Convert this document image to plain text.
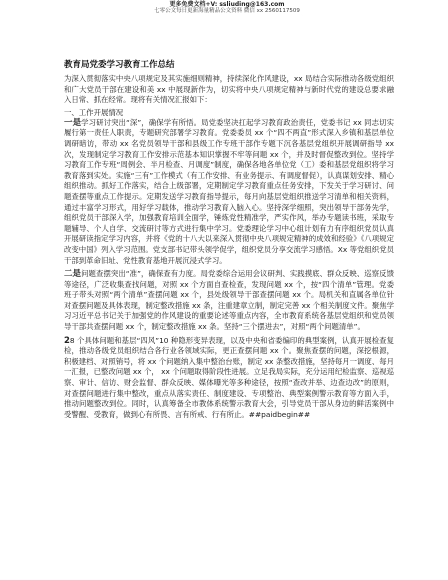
更多免费文档+V: ssliuding@163.com
七零公文每日更新海量精品公文资料 微信 xx 2560117509
教育局党委学习教育工作总结

为深入贯彻落实中央八项规定及其实施细则精神，持续深化作风建设，xx 局结合实际推动各级党组织和广大党员干部在建设和美 xx 中展现新作为，切实将中央八项规定精神与新时代党的建设总要求融入日常、抓在经常。现将有关情况汇报如下：

一、工作开展情况

一是学习研讨突出“深”，确保学有所悟。局党委坚决扛起学习教育政治责任，党委书记 xx 同志切实履行第一责任人职责，专题研究部署学习教育。党委委员 xx 个“四不两直”形式深入乡镇和基层单位调研暗访，带动 xx 名党员领导干部和县级工作专班干部作专题下沉各基层党组织开展调研指导 xx 次，发现制定学习教育工作安排示范基本知识掌握不牢等问题 xx 个，并及时督促整改到位。坚持学习教育工作专班“周例会、半月检查、月调度”制度，确保各地各单位党（工）委和基层党组织将学习教育落到实处。实施“三有”工作模式（有工作安排、有业务提示、有调度督促），认真谋划安排、精心组织推动。抓好工作落实，结合上级部署，定期制定学习教育重点任务安排，下发关于学习研讨、问题查摆等重点工作提示。定期发送学习教育指导提示，每月向基层党组织推送学习清单和相关资料，通过丰富学习形式，用好学习载体，推动学习教育入脑入心。坚持深学细照，突出领导干部务先学，组织党员干部深入学，加强教育培训全面学，锤炼党性精准学，严实作风，举办专题读书班，采取专题辅导、个人自学、交流研讨等方式进行集中学习。党委理论学习中心组计划有力有序组织党员认真开展研读指定学习内容，并将《党的十八大以来深入贯彻中央八项规定精神的成效和经验》《八项规定改变中国》列入学习范围。党支部书记带头领学促学，组织党员分享交流学习感悟。Xx 等党组织党员干部到革命旧址、党性教育基地开展沉浸式学习。

二是问题查摆突出“准”，确保查有力度。局党委综合运用会议研判、实践摸底、群众反映、巡察反馈等途径，广泛收集查找问题，对照 xx 个方面自查检查，发现问题 xx 个，按“四个清单”管理。党委班子带头对照“两个清单”查摆问题 xx 个，县处级领导干部查摆问题 xx 个。局机关和直属各单位针对查摆问题及具体表现，制定整改措施 xx 条，注重建章立制，制定完善 xx 个相关制度文件。聚焦学习习近平总书记关于加强党的作风建设的重要论述等重点内容，全市教育系统各基层党组织和党员领导干部共查摆问题 xx 个，制定整改措施 xx 条。坚持“三个摆进去”，对照“两个问题清单”。

28 个具体问题和基层“四风”10 种隐形变异表现，以及中央和省委编印的典型案例，认真开展检查复检，推动各级党员组织结合各行业各领域实际，更正查摆问题 xx 个。聚焦查摆的问题，深挖根源，积极建档、对照销号，将 xx 个问题纳入集中整治台账，制定 xx 条整改措施，坚持每月一调度、每月一汇报，已整改问题 xx 个， xx 个问题取得阶段性进展。立足我局实际，充分运用纪检监察、巡视巡察、审计、信访、财会监督、群众反映、媒体曝光等多种途径，按照“查改并举、边查边改”的原则，对查摆问题进行集中整改，重点从落实责任、制度建设、专项整治、典型案例警示教育等方面入手，推动问题整改到位。同时，认真筹备全市教体系统警示教育大会，引导党员干部从身边的鲜活案例中受警醒、受教育，做到心有所畏、言有所戒、行有所止。##paidbegin##
